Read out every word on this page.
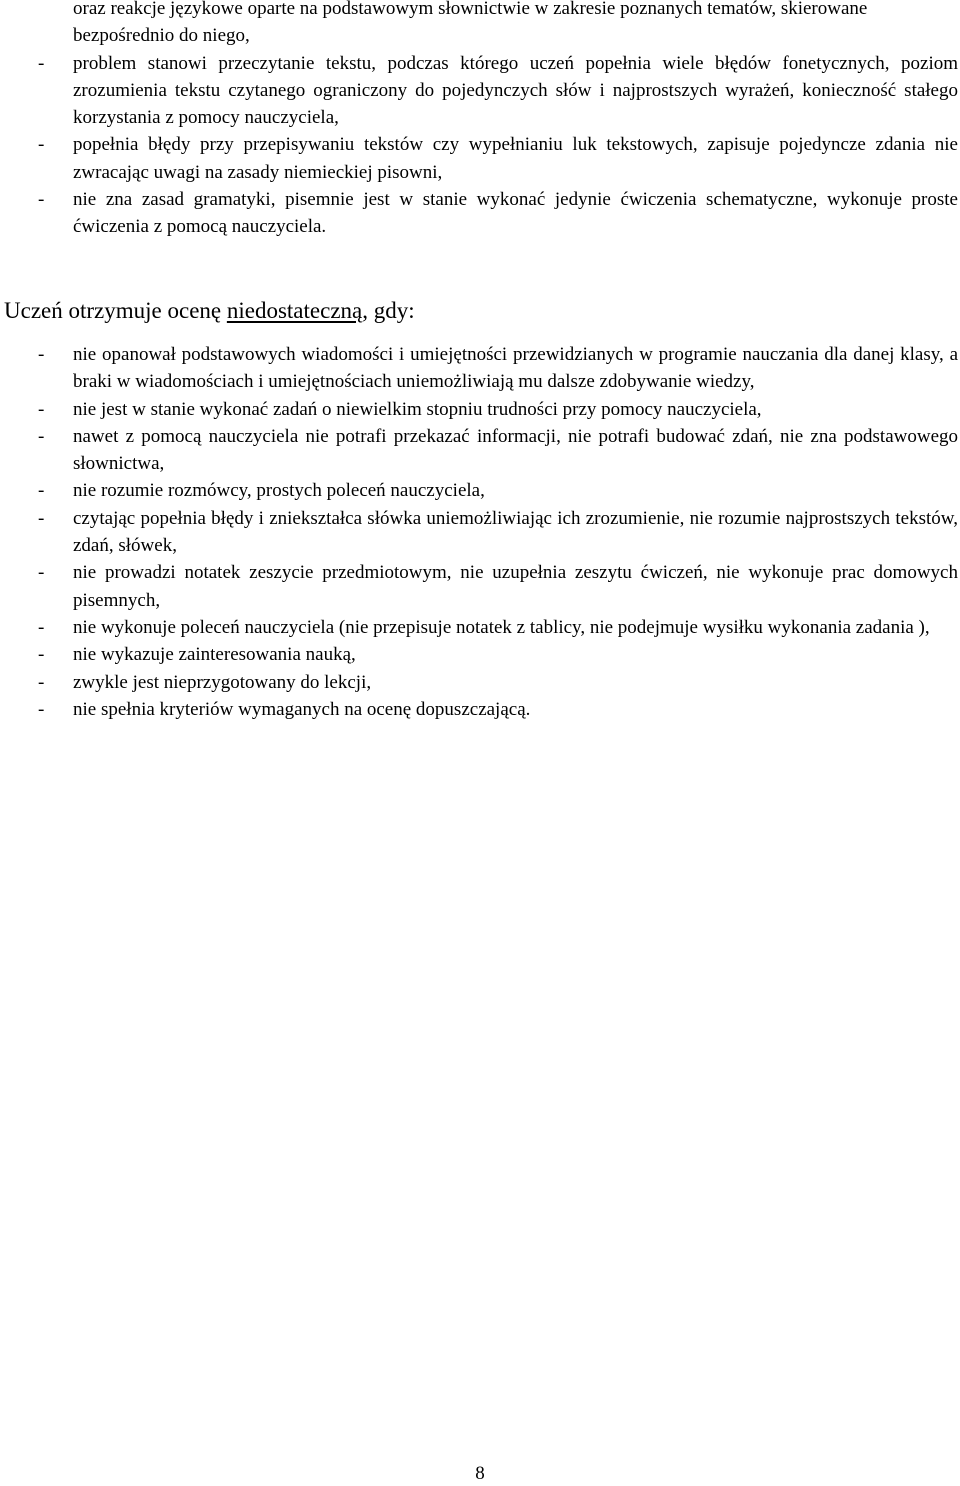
oraz reakcje językowe oparte na podstawowym słownictwie w zakresie poznanych tematów, skierowane bezpośrednio do niego,
- problem stanowi przeczytanie tekstu, podczas którego uczeń popełnia wiele błędów fonetycznych, poziom zrozumienia tekstu czytanego ograniczony do pojedynczych słów i najprostszych wyrażeń, konieczność stałego korzystania z pomocy nauczyciela,
- popełnia błędy przy przepisywaniu tekstów czy wypełnianiu luk tekstowych, zapisuje pojedyncze zdania nie zwracając uwagi na zasady niemieckiej pisowni,
- nie zna zasad gramatyki, pisemnie jest w stanie wykonać jedynie ćwiczenia schematyczne, wykonuje proste ćwiczenia z pomocą nauczyciela.
Uczeń otrzymuje ocenę niedostateczną, gdy:
- nie opanował podstawowych wiadomości i umiejętności przewidzianych w programie nauczania dla danej klasy, a braki w wiadomościach i umiejętnościach uniemożliwiają mu dalsze zdobywanie wiedzy,
- nie jest w stanie wykonać zadań o niewielkim stopniu trudności przy pomocy nauczyciela,
- nawet z pomocą nauczyciela nie potrafi przekazać informacji, nie potrafi budować zdań, nie zna podstawowego słownictwa,
- nie rozumie rozmówcy, prostych poleceń nauczyciela,
- czytając popełnia błędy i zniekształca słówka uniemożliwiając ich zrozumienie, nie rozumie najprostszych tekstów, zdań, słówek,
- nie prowadzi notatek zeszycie przedmiotowym, nie uzupełnia zeszytu ćwiczeń, nie wykonuje prac domowych pisemnych,
- nie wykonuje poleceń nauczyciela (nie przepisuje notatek z tablicy, nie podejmuje wysiłku wykonania zadania ),
- nie wykazuje zainteresowania nauką,
- zwykle jest nieprzygotowany do lekcji,
- nie spełnia kryteriów wymaganych na ocenę dopuszczającą.
8
